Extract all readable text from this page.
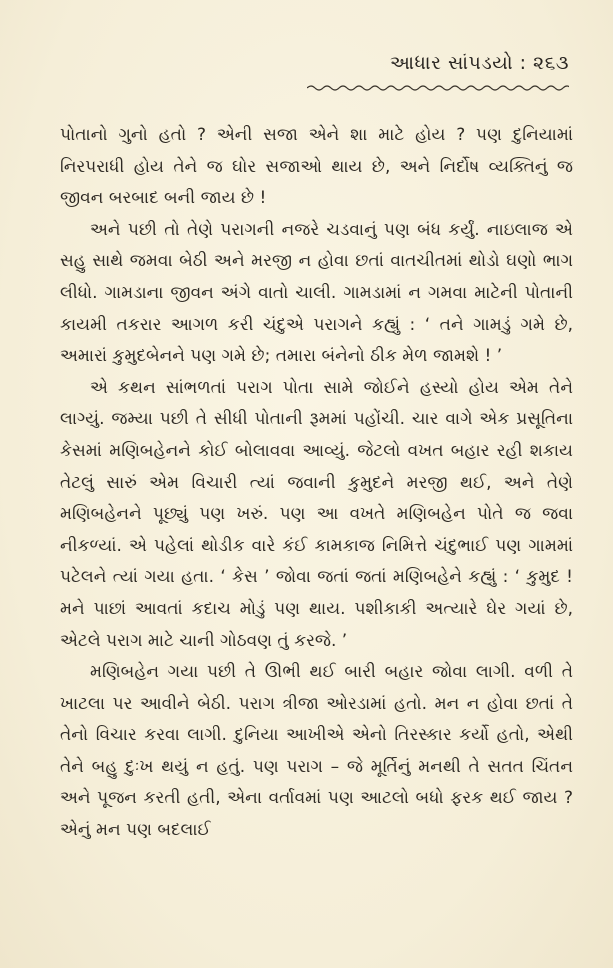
આધાર સાંપડયો : ૨૬૩

પોતાનો ગુનો હતો ? એની સજા એને શા માટે હોય ? પણ દુનિયામાં નિરપરાધી હોય તેને જ ઘોર સજાઓ થાય છે, અને નિર્દોષ વ્યક્તિનું જ જીવન બરબાદ બની જાય છે !

અને પછી તો તેણે પરાગની નજરે ચડવાનું પણ બંધ કર્યું. નાઇલાજ એ સહુ સાથે જમવા બેઠી અને મરજી ન હોવા છતાં વાતચીતમાં થોડો ઘણો ભાગ લીધો. ગામડાના જીવન અંગે વાતો ચાલી. ગામડામાં ન ગમવા માટેની પોતાની કાયમી તકરાર આગળ કરી ચંદુએ પરાગને કહ્યું : ‘ તને ગામડું ગમે છે, અમારાં કુમુદબેનને પણ ગમે છે; તમારા બંનેનો ઠીક મેળ જામશે ! ’

એ કથન સાંભળતાં પરાગ પોતા સામે જોઈને હસ્યો હોય એમ તેને લાગ્યું. જમ્યા પછી તે સીધી પોતાની રૂમમાં પહોંચી. ચાર વાગે એક પ્રસૂતિના કેસમાં મણિબહેનને કોઈ બોલાવવા આવ્યું. જેટલો વખત બહાર રહી શકાય તેટલું સારું એમ વિચારી ત્યાં જવાની કુમુદને મરજી થઈ, અને તેણે મણિબહેનને પૂછ્યું પણ ખરું. પણ આ વખતે મણિબહેન પોતે જ જવા નીકળ્યાં. એ પહેલાં થોડીક વારે કંઈ કામકાજ નિમિત્તે ચંદુભાઈ પણ ગામમાં પટેલને ત્યાં ગયા હતા. ‘ કેસ ’ જોવા જતાં જતાં મણિબહેને કહ્યું : ‘ કુમુદ ! મને પાછાં આવતાં કદાચ મોડું પણ થાય. પશીકાકી અત્યારે ઘેર ગયાં છે, એટલે પરાગ માટે ચાની ગોઠવણ તું કરજે. ’

મણિબહેન ગયા પછી તે ઊભી થઈ બારી બહાર જોવા લાગી. વળી તે ખાટલા પર આવીને બેઠી. પરાગ ત્રીજા ઓરડામાં હતો. મન ન હોવા છતાં તે તેનો વિચાર કરવા લાગી. દુનિયા આખીએ એનો તિરસ્કાર કર્યો હતો, એથી તેને બહુ દુઃખ થયું ન હતું. પણ પરાગ – જે મૂર્તિનું મનથી તે સતત ચિંતન અને પૂજન કરતી હતી, એના વર્તાવમાં પણ આટલો બધો ફરક થઈ જાય ? એનું મન પણ બદલાઈ
